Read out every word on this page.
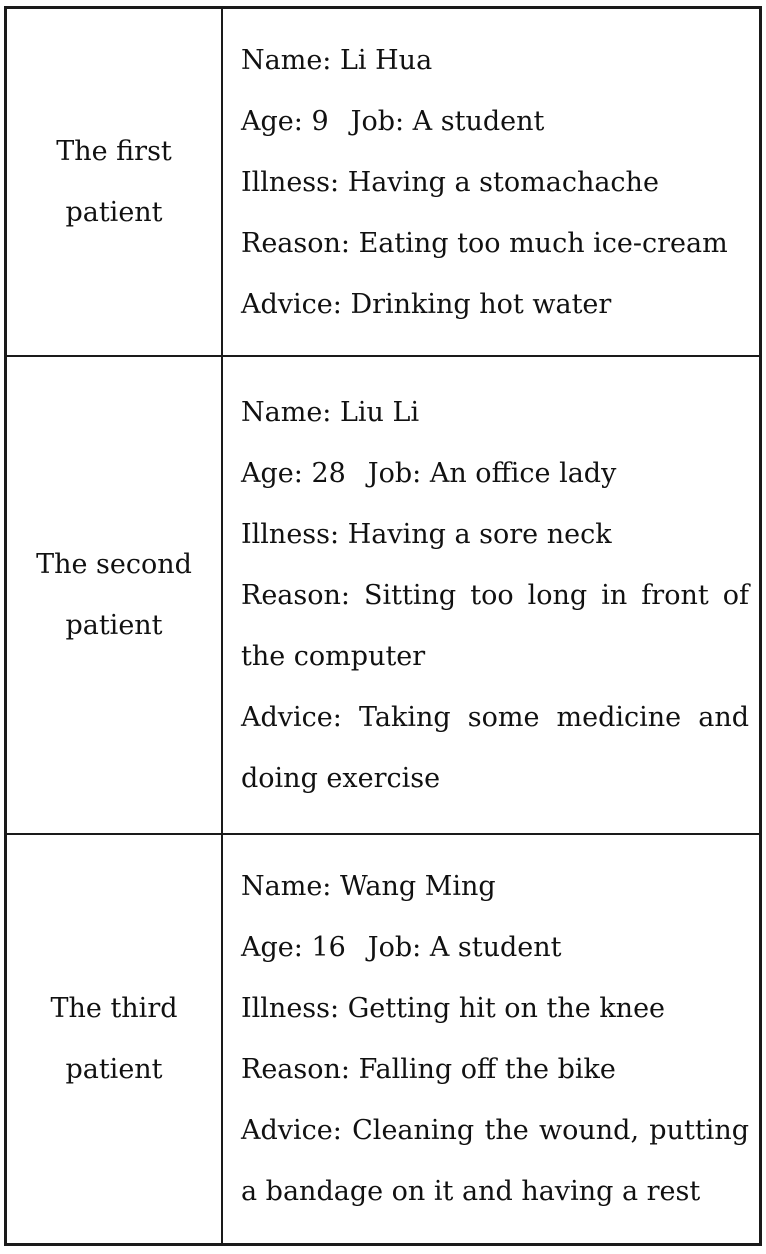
The first
patient
Name: Li Hua
Age: 9 Job: A student
Illness: Having a stomachache
Reason: Eating too much ice-cream
Advice: Drinking hot water
The second
patient
Name: Liu Li
Age: 28 Job: An office lady
Illness: Having a sore neck
Reason: Sitting too long in front of
the computer
Advice: Taking some medicine and
doing exercise
The third
patient
Name: Wang Ming
Age: 16 Job: A student
Illness: Getting hit on the knee
Reason: Falling off the bike
Advice: Cleaning the wound, putting
a bandage on it and having a rest
